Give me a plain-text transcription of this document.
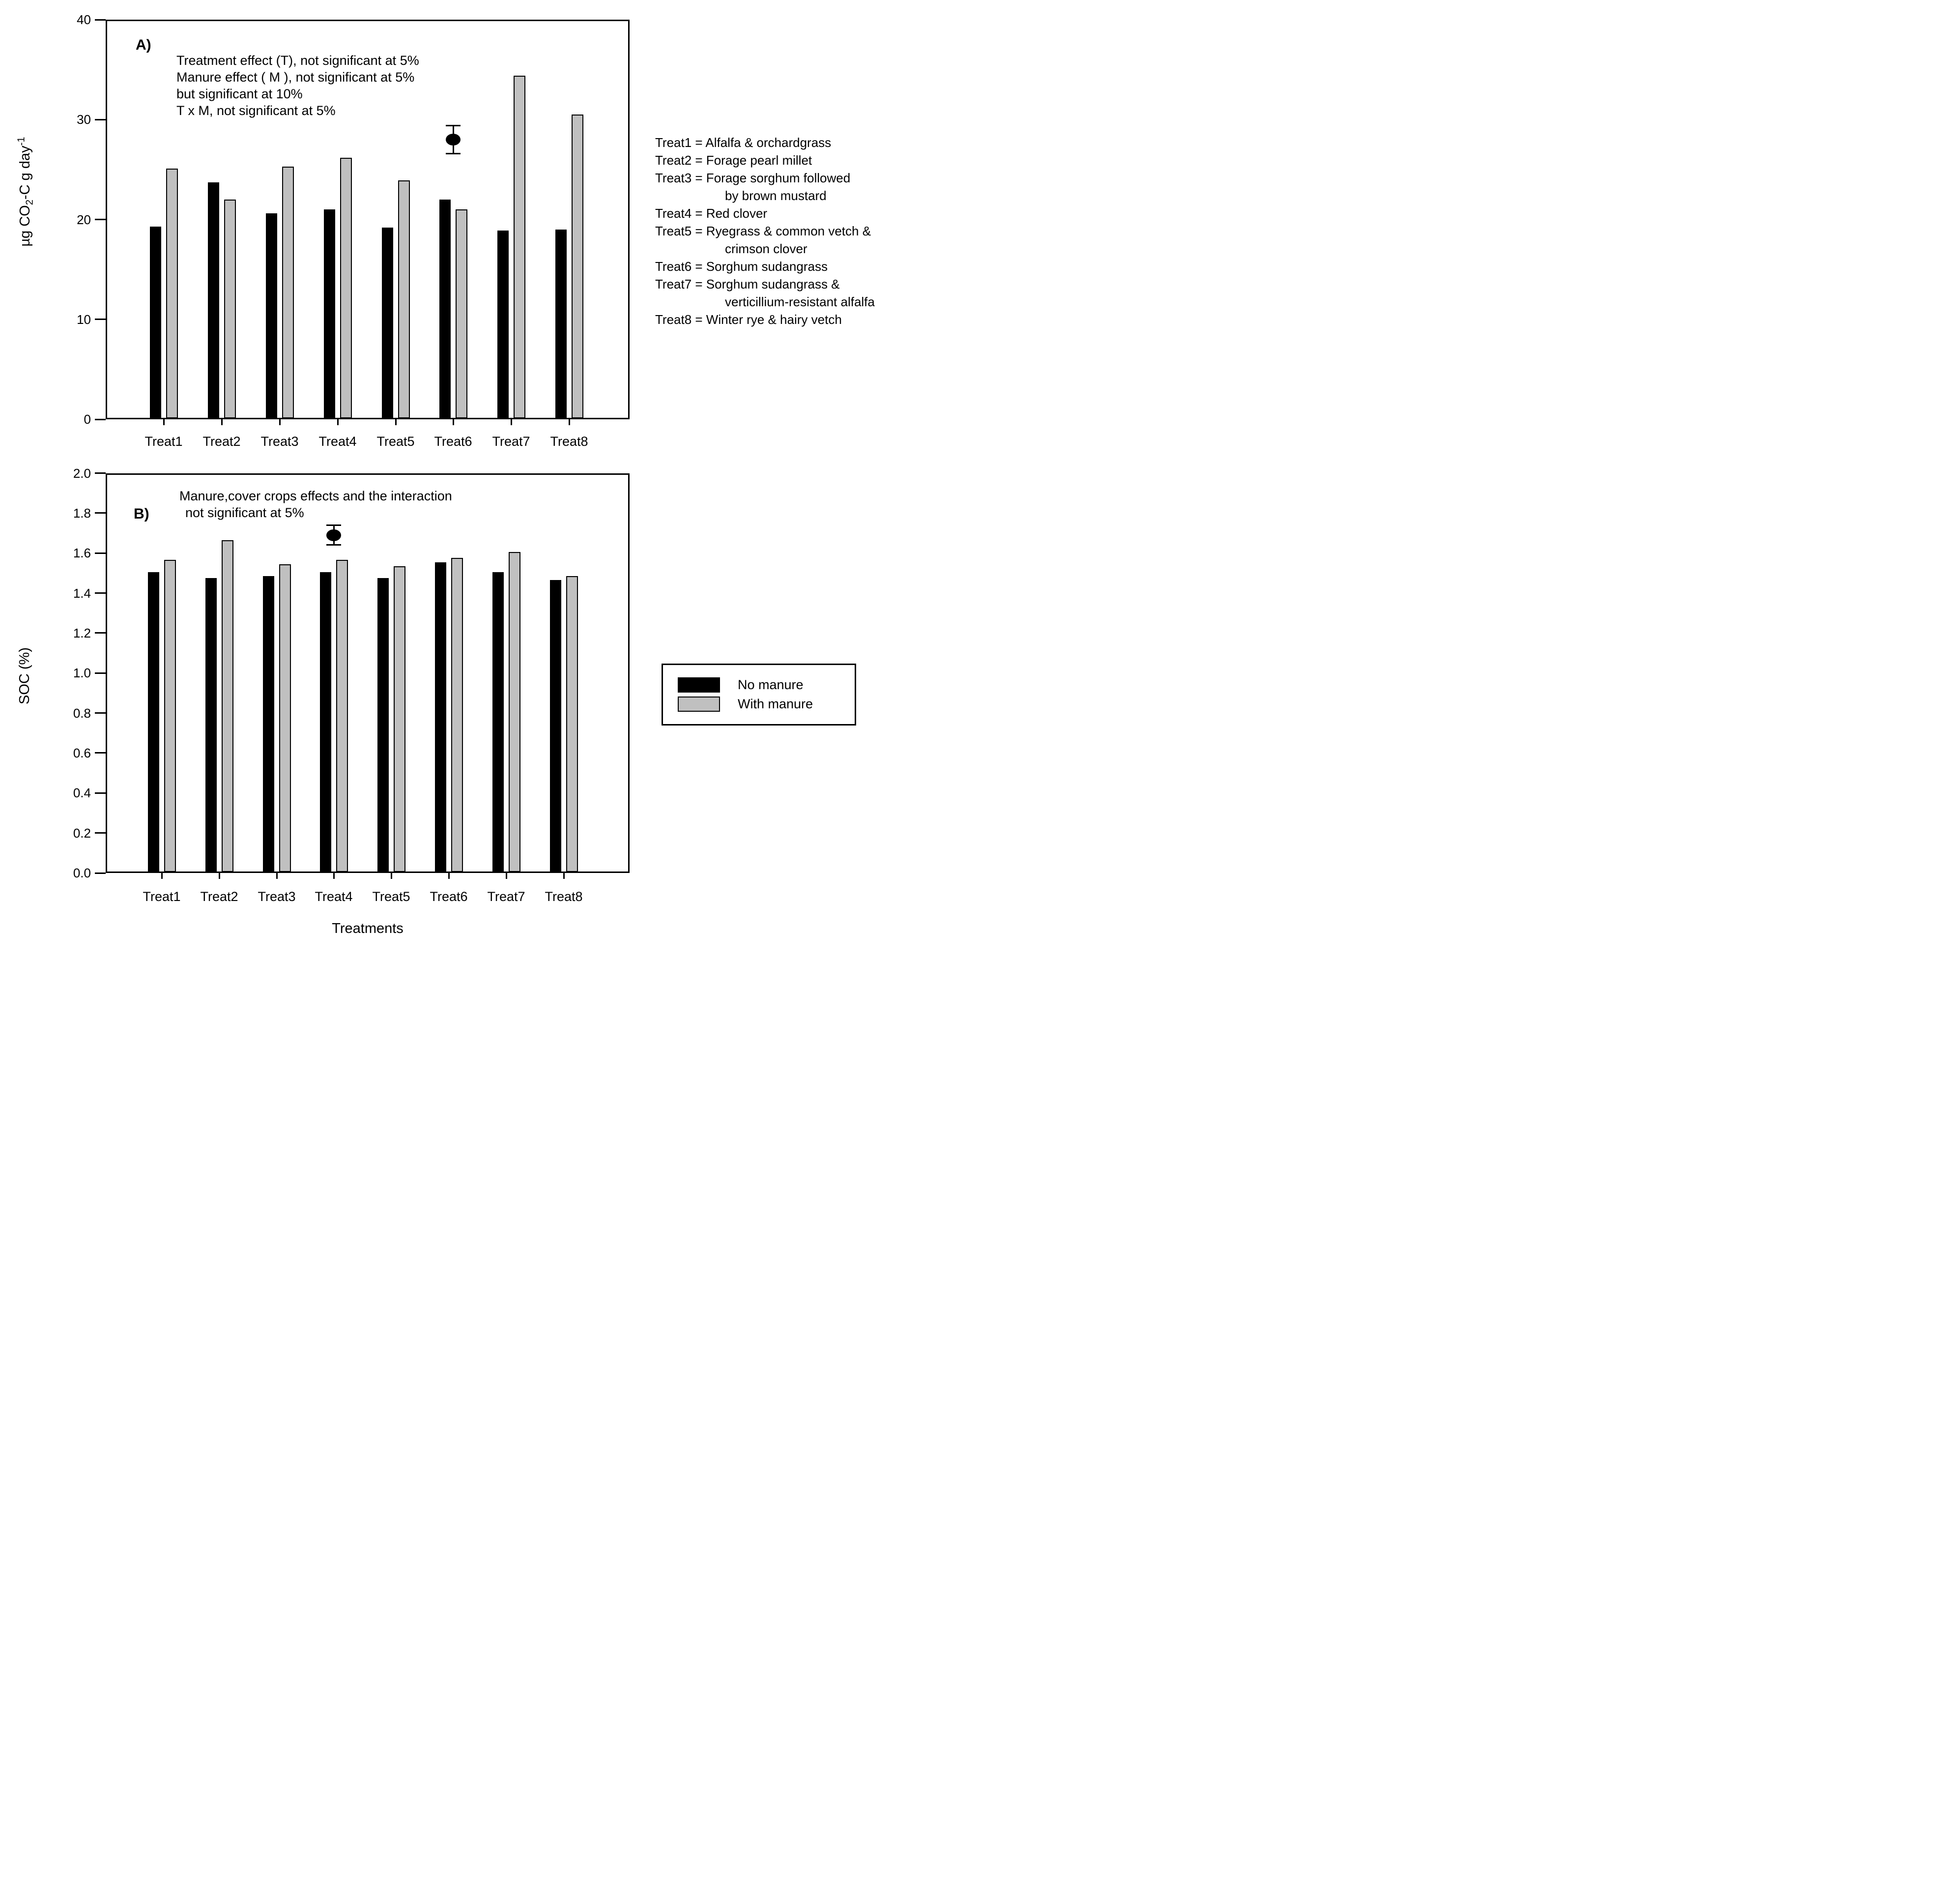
A)
µg $CO_2-C$ g day$^{-1}$
Treatment effect (T), not significant at 5%
Manure effect ( M ), not significant at 5%
but significant at 10%
T x M, not significant at 5%
B)
SOC (%)
Manure,cover crops effects and the interaction
not significant at 5%
Treatments
No manure
With manure
Treat1 = Alfalfa & orchardgrass
Treat2 = Forage pearl millet
Treat3 = Forage sorghum followed
by brown mustard
Treat4 = Red clover
Treat5 = Ryegrass & common vetch &
crimson clover
Treat6 = Sorghum sudangrass
Treat7 = Sorghum sudangrass &
verticillium-resistant alfalfa
Treat8 = Winter rye & hairy vetch
0
10
20
30
40
Treat1	Treat2	Treat3	Treat4	Treat5	Treat6	Treat7	Treat8
0.0
0.2
0.4
0.6
0.8
1.0
1.2
1.4
1.6
1.8
2.0
Treat1	Treat2	Treat3	Treat4	Treat5	Treat6	Treat7	Treat8
